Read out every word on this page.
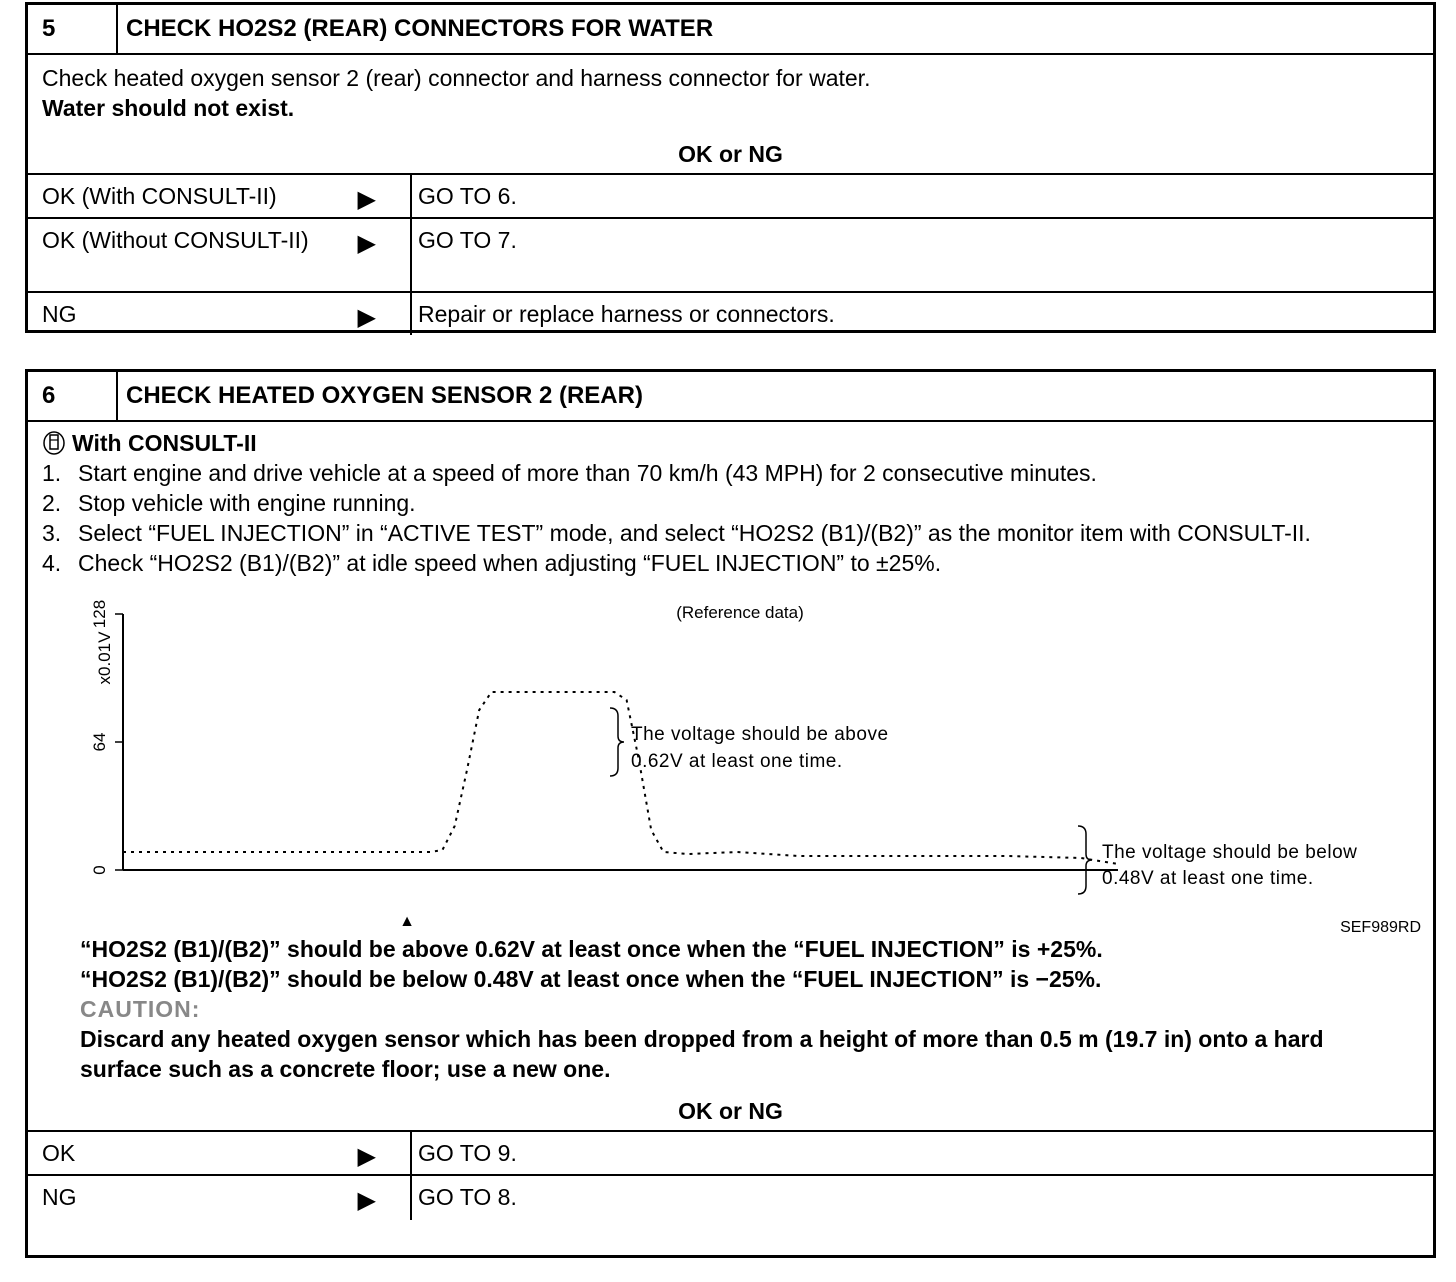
5	CHECK HO2S2 (REAR) CONNECTORS FOR WATER
Check heated oxygen sensor 2 (rear) connector and harness connector for water.
Water should not exist.
OK or NG
OK (With CONSULT-II)	▶ GO TO 6.
OK (Without CONSULT-II) ▶ GO TO 7.
NG	▶ Repair or replace harness or connectors.
6	CHECK HEATED OXYGEN SENSOR 2 (REAR)
With CONSULT-II
1. Start engine and drive vehicle at a speed of more than 70 km/h (43 MPH) for 2 consecutive minutes.
2. Stop vehicle with engine running.
3. Select “FUEL INJECTION” in “ACTIVE TEST” mode, and select “HO2S2 (B1)/(B2)” as the monitor item with CONSULT-II.
4. Check “HO2S2 (B1)/(B2)” at idle speed when adjusting “FUEL INJECTION” to ±25%.
(Reference data)
x0.01V
SEF989RD
The voltage should be above
0.62V at least one time.
The voltage should be below
0.48V at least one time.
▲
0
64
128
“HO2S2 (B1)/(B2)” should be above 0.62V at least once when the “FUEL INJECTION” is +25%.
“HO2S2 (B1)/(B2)” should be below 0.48V at least once when the “FUEL INJECTION” is −25%.
CAUTION:
Discard any heated oxygen sensor which has been dropped from a height of more than 0.5 m (19.7 in) onto a hard surface such as a concrete floor; use a new one.
OK or NG
OK	▶ GO TO 9.
NG	▶ GO TO 8.
